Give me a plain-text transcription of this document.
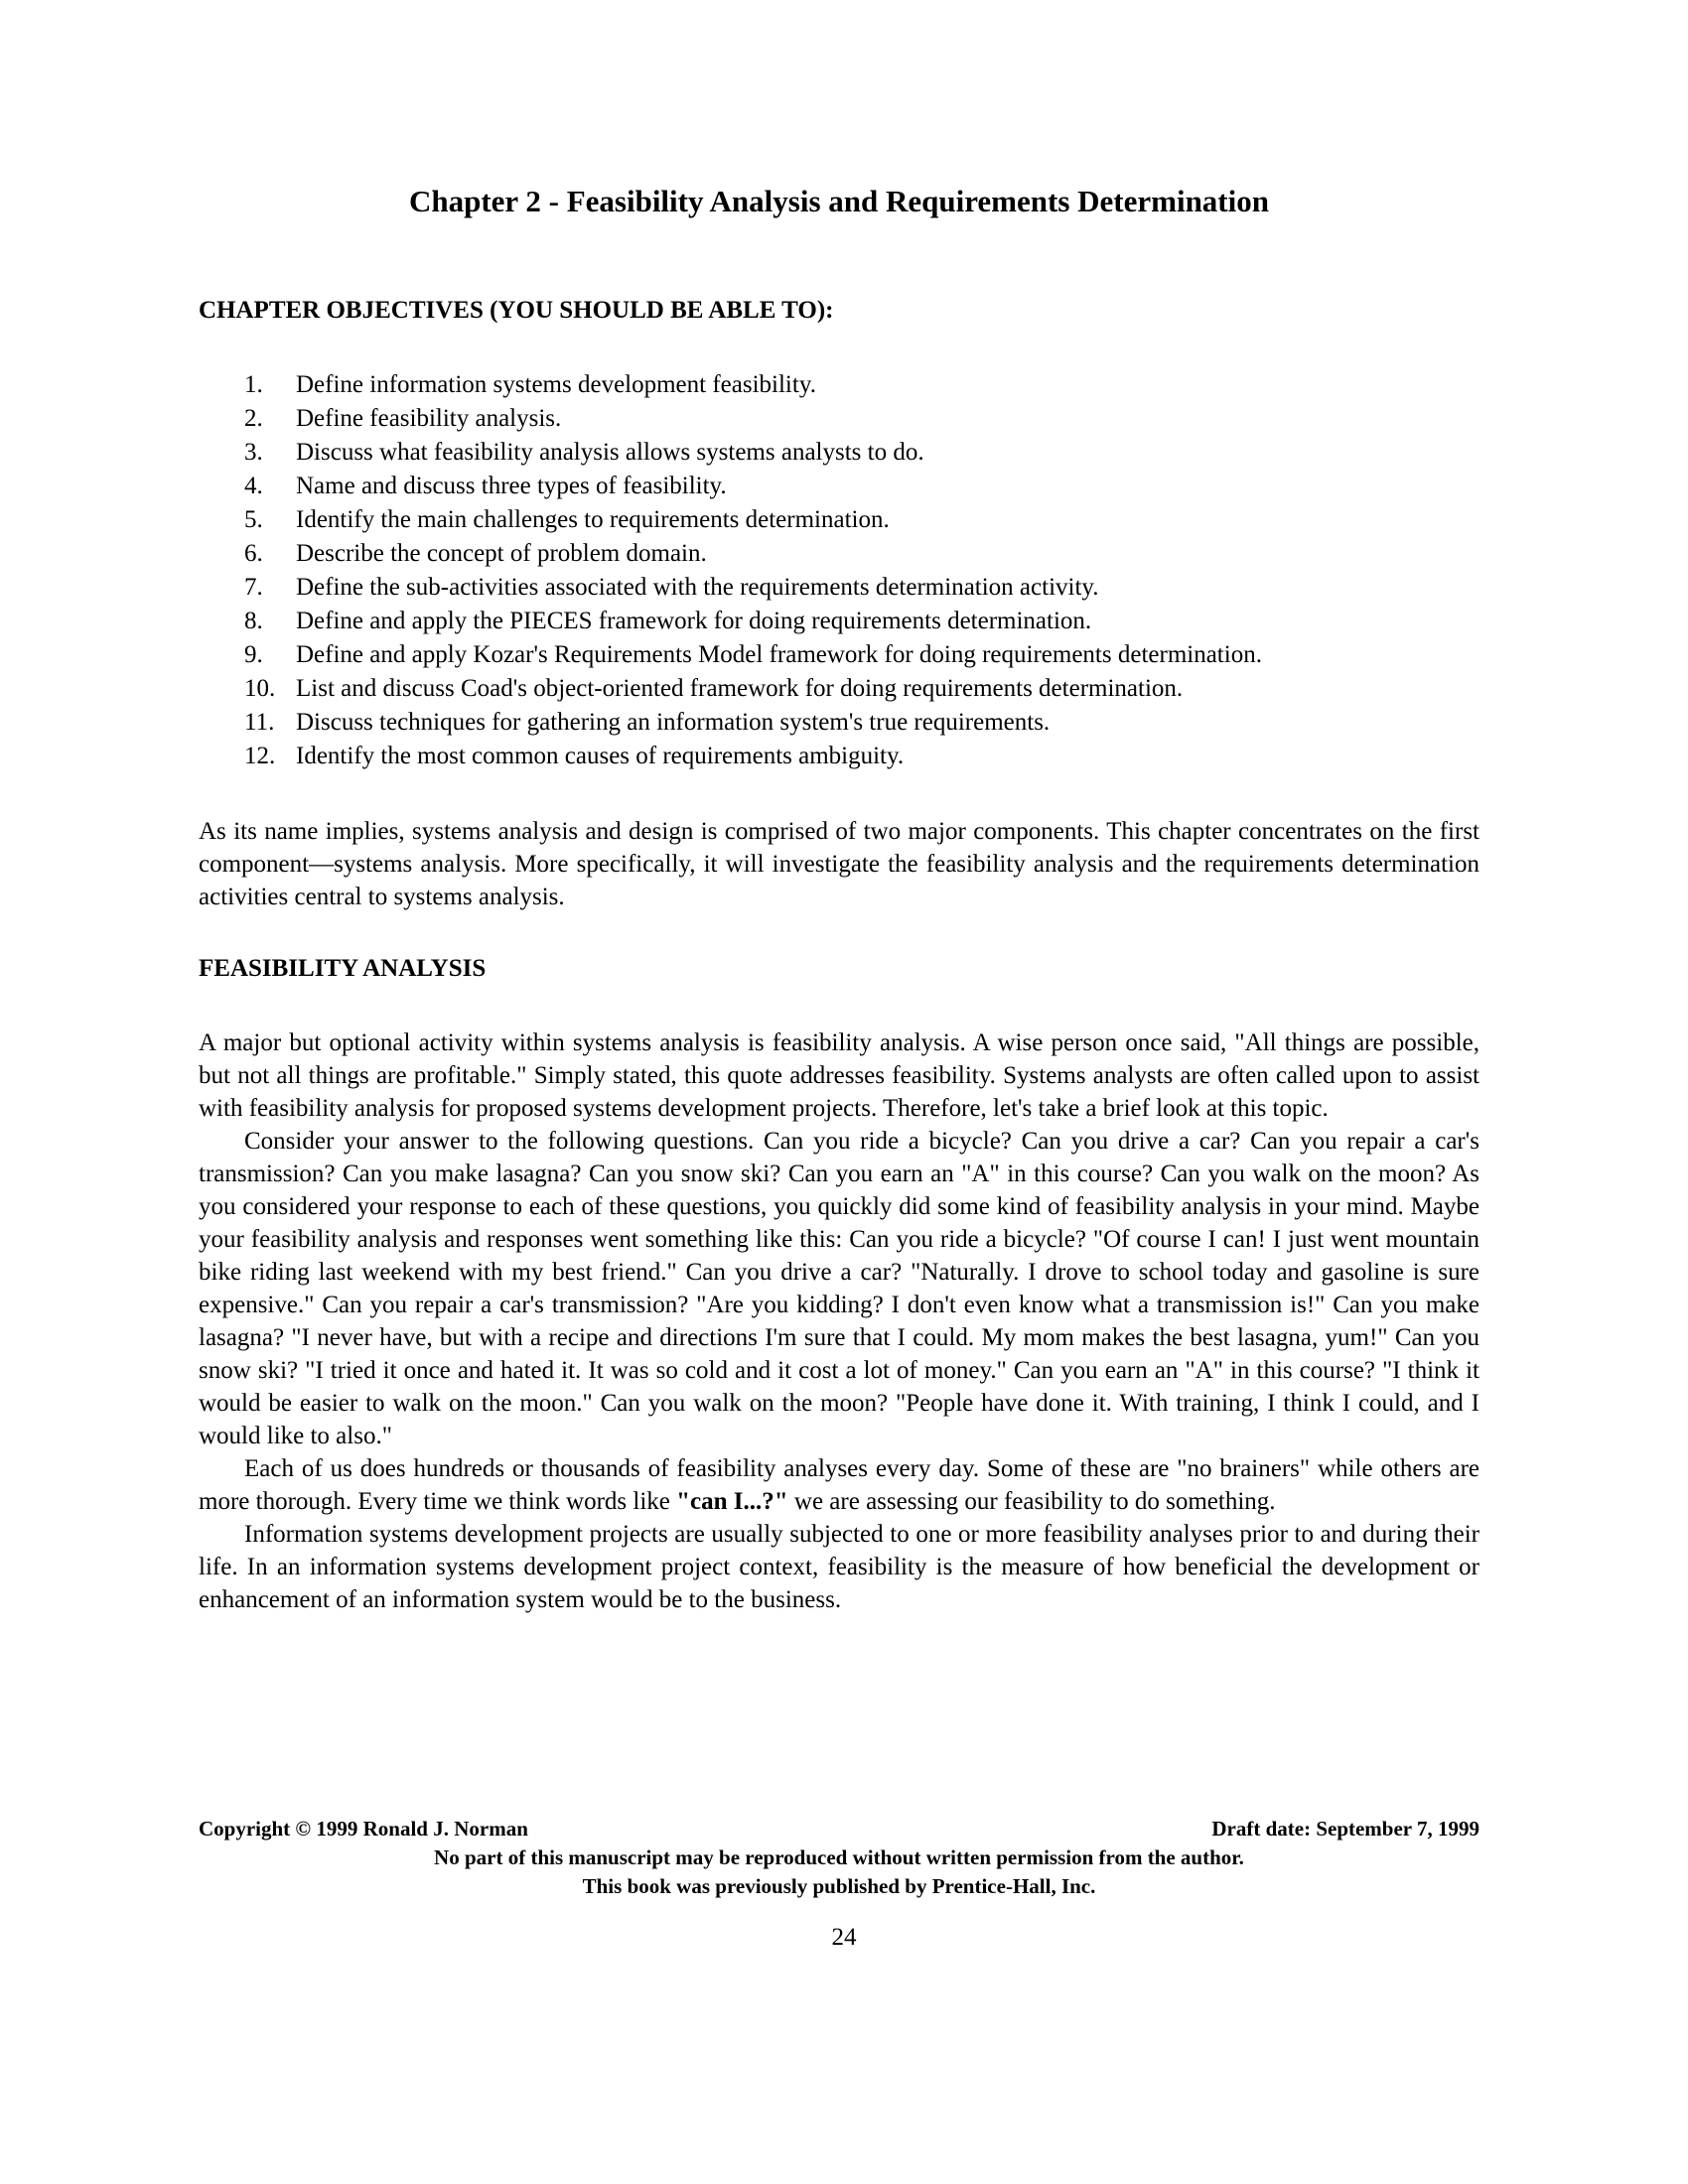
Chapter 2 - Feasibility Analysis and Requirements Determination
CHAPTER OBJECTIVES (YOU SHOULD BE ABLE TO):
1.	Define information systems development feasibility.
2.	Define feasibility analysis.
3.	Discuss what feasibility analysis allows systems analysts to do.
4.	Name and discuss three types of feasibility.
5.	Identify the main challenges to requirements determination.
6.	Describe the concept of problem domain.
7.	Define the sub-activities associated with the requirements determination activity.
8.	Define and apply the PIECES framework for doing requirements determination.
9.	Define and apply Kozar's Requirements Model framework for doing requirements determination.
10. List and discuss Coad's object-oriented framework for doing requirements determination.
11. Discuss techniques for gathering an information system's true requirements.
12. Identify the most common causes of requirements ambiguity.

As its name implies, systems analysis and design is comprised of two major components. This chapter concentrates on the first component—systems analysis. More specifically, it will investigate the feasibility analysis and the requirements determination activities central to systems analysis.

FEASIBILITY ANALYSIS

A major but optional activity within systems analysis is feasibility analysis. A wise person once said, "All things are possible, but not all things are profitable." Simply stated, this quote addresses feasibility. Systems analysts are often called upon to assist with feasibility analysis for proposed systems development projects. Therefore, let's take a brief look at this topic.

Consider your answer to the following questions. Can you ride a bicycle? Can you drive a car? Can you repair a car's transmission? Can you make lasagna? Can you snow ski? Can you earn an "A" in this course? Can you walk on the moon? As you considered your response to each of these questions, you quickly did some kind of feasibility analysis in your mind. Maybe your feasibility analysis and responses went something like this: Can you ride a bicycle? "Of course I can! I just went mountain bike riding last weekend with my best friend." Can you drive a car? "Naturally. I drove to school today and gasoline is sure expensive." Can you repair a car's transmission? "Are you kidding? I don't even know what a transmission is!" Can you make lasagna? "I never have, but with a recipe and directions I'm sure that I could. My mom makes the best lasagna, yum!" Can you snow ski? "I tried it once and hated it. It was so cold and it cost a lot of money." Can you earn an "A" in this course? "I think it would be easier to walk on the moon." Can you walk on the moon? "People have done it. With training, I think I could, and I would like to also."

Each of us does hundreds or thousands of feasibility analyses every day. Some of these are "no brainers" while others are more thorough. Every time we think words like "can I...?" we are assessing our feasibility to do something.

Information systems development projects are usually subjected to one or more feasibility analyses prior to and during their life. In an information systems development project context, feasibility is the measure of how beneficial the development or enhancement of an information system would be to the business.

Copyright © 1999 Ronald J. Norman	Draft date: September 7, 1999
No part of this manuscript may be reproduced without written permission from the author.
This book was previously published by Prentice-Hall, Inc.
24
